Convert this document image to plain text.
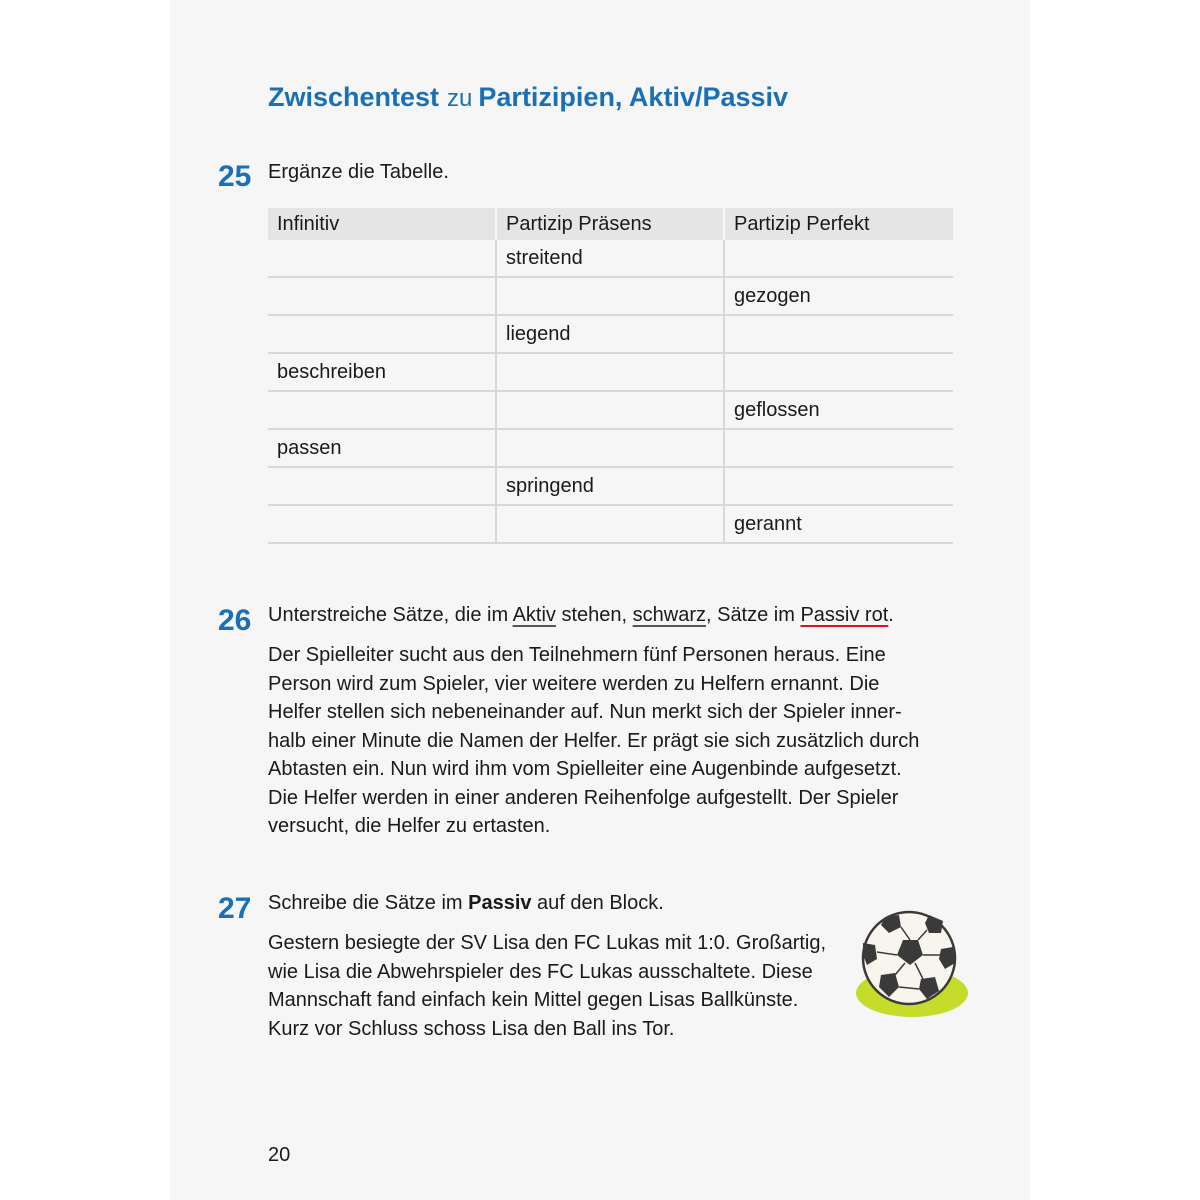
Zwischentest zu Partizipien, Aktiv/Passiv
25 Ergänze die Tabelle.
Infinitiv	Partizip Präsens	Partizip Perfekt
	streitend	
		gezogen
	liegend	
beschreiben		
		geflossen
passen		
	springend	
		gerannt
26 Unterstreiche Sätze, die im Aktiv stehen, schwarz, Sätze im Passiv rot.
Der Spielleiter sucht aus den Teilnehmern fünf Personen heraus. Eine
Person wird zum Spieler, vier weitere werden zu Helfern ernannt. Die
Helfer stellen sich nebeneinander auf. Nun merkt sich der Spieler inner-
halb einer Minute die Namen der Helfer. Er prägt sie sich zusätzlich durch
Abtasten ein. Nun wird ihm vom Spielleiter eine Augenbinde aufgesetzt.
Die Helfer werden in einer anderen Reihenfolge aufgestellt. Der Spieler
versucht, die Helfer zu ertasten.
27 Schreibe die Sätze im Passiv auf den Block.
Gestern besiegte der SV Lisa den FC Lukas mit 1:0. Großartig,
wie Lisa die Abwehrspieler des FC Lukas ausschaltete. Diese
Mannschaft fand einfach kein Mittel gegen Lisas Ballkünste.
Kurz vor Schluss schoss Lisa den Ball ins Tor.
20
